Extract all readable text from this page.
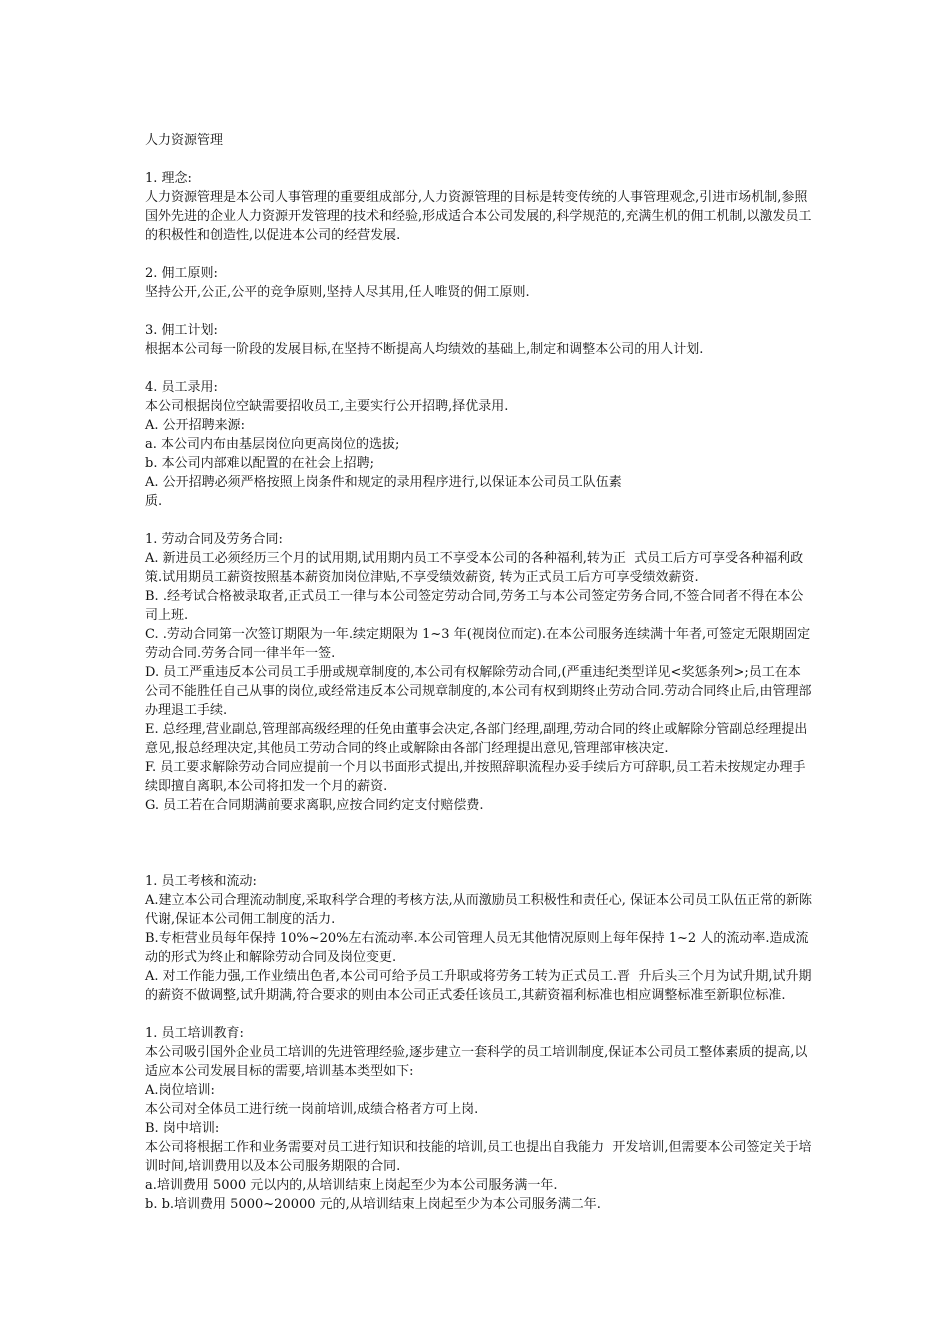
人力资源管理

1. 理念:

人力资源管理是本公司人事管理的重要组成部分,人力资源管理的目标是转变传统的人事管理观念,引进市场机制,参照国外先进的企业人力资源开发管理的技术和经验,形成适合本公司发展的,科学规范的,充满生机的佣工机制,以激发员工的积极性和创造性,以促进本公司的经营发展.

2. 佣工原则:

坚持公开,公正,公平的竞争原则,坚持人尽其用,任人唯贤的佣工原则.

3. 佣工计划:

根据本公司每一阶段的发展目标,在坚持不断提高人均绩效的基础上,制定和调整本公司的用人计划.

4. 员工录用:

本公司根据岗位空缺需要招收员工,主要实行公开招聘,择优录用.

A. 公开招聘来源:

a. 本公司内布由基层岗位向更高岗位的选拔;

b. 本公司内部难以配置的在社会上招聘;

A. 公开招聘必须严格按照上岗条件和规定的录用程序进行,以保证本公司员工队伍素
质.

1. 劳动合同及劳务合同:

A. 新进员工必须经历三个月的试用期,试用期内员工不享受本公司的各种福利,转为正  式员工后方可享受各种福利政策.试用期员工薪资按照基本薪资加岗位津贴,不享受绩效薪资, 转为正式员工后方可享受绩效薪资.

B. .经考试合格被录取者,正式员工一律与本公司签定劳动合同,劳务工与本公司签定劳务合同,不签合同者不得在本公司上班.

C. .劳动合同第一次签订期限为一年.续定期限为 1~3 年(视岗位而定).在本公司服务连续满十年者,可签定无限期固定劳动合同.劳务合同一律半年一签.

D. 员工严重违反本公司员工手册或规章制度的,本公司有权解除劳动合同,(严重违纪类型详见<奖惩条列>;员工在本公司不能胜任自己从事的岗位,或经常违反本公司规章制度的,本公司有权到期终止劳动合同.劳动合同终止后,由管理部办理退工手续.

E. 总经理,营业副总,管理部高级经理的任免由董事会决定,各部门经理,副理,劳动合同的终止或解除分管副总经理提出意见,报总经理决定,其他员工劳动合同的终止或解除由各部门经理提出意见,管理部审核决定.

F. 员工要求解除劳动合同应提前一个月以书面形式提出,并按照辞职流程办妥手续后方可辞职,员工若未按规定办理手续即擅自离职,本公司将扣发一个月的薪资.

G. 员工若在合同期满前要求离职,应按合同约定支付赔偿费.

1. 员工考核和流动:

A.建立本公司合理流动制度,采取科学合理的考核方法,从而激励员工积极性和责任心, 保证本公司员工队伍正常的新陈代谢,保证本公司佣工制度的活力.

B.专柜营业员每年保持 10%~20%左右流动率.本公司管理人员无其他情况原则上每年保持 1~2 人的流动率.造成流动的形式为终止和解除劳动合同及岗位变更.

A. 对工作能力强,工作业绩出色者,本公司可给予员工升职或将劳务工转为正式员工.晋  升后头三个月为试升期,试升期的薪资不做调整,试升期满,符合要求的则由本公司正式委任该员工,其薪资福利标准也相应调整标准至新职位标准.

1. 员工培训教育:

本公司吸引国外企业员工培训的先进管理经验,逐步建立一套科学的员工培训制度,保证本公司员工整体素质的提高,以适应本公司发展目标的需要,培训基本类型如下:

A.岗位培训:

本公司对全体员工进行统一岗前培训,成绩合格者方可上岗.

B. 岗中培训:

本公司将根据工作和业务需要对员工进行知识和技能的培训,员工也提出自我能力  开发培训,但需要本公司签定关于培训时间,培训费用以及本公司服务期限的合同.

a.培训费用 5000 元以内的,从培训结束上岗起至少为本公司服务满一年.

b. b.培训费用 5000~20000 元的,从培训结束上岗起至少为本公司服务满二年.
